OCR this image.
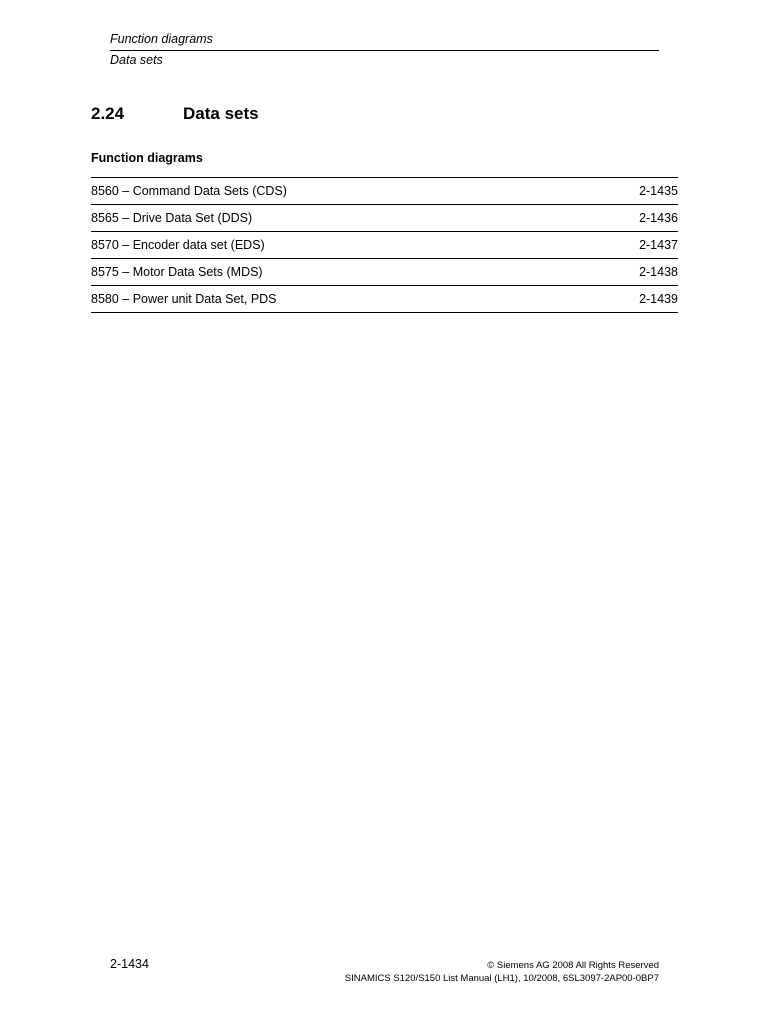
Function diagrams
Data sets
2.24	Data sets
Function diagrams
8560 – Command Data Sets (CDS)	2-1435
8565 – Drive Data Set (DDS)	2-1436
8570 – Encoder data set (EDS)	2-1437
8575 – Motor Data Sets (MDS)	2-1438
8580 – Power unit Data Set, PDS	2-1439
2-1434	© Siemens AG 2008 All Rights Reserved
SINAMICS S120/S150 List Manual (LH1), 10/2008, 6SL3097-2AP00-0BP7
